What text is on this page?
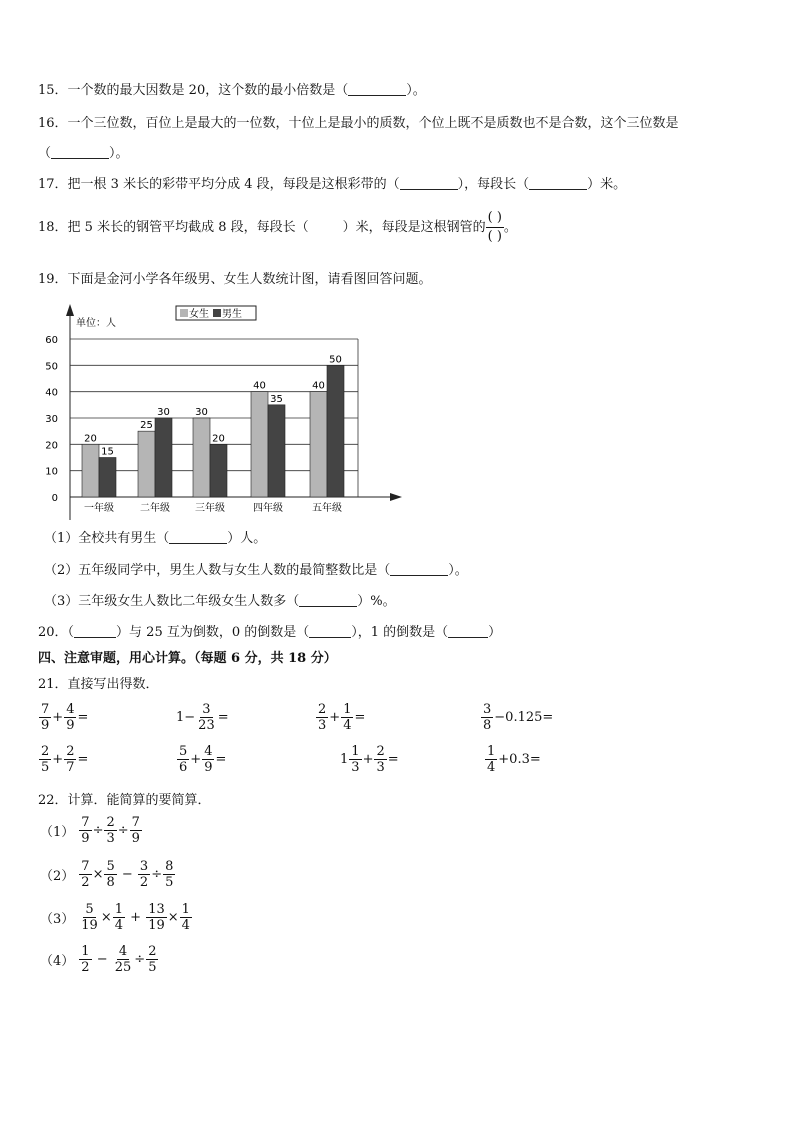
15．一个数的最大因数是 20，这个数的最小倍数是（	）。
16．一个三位数，百位上是最大的一位数，十位上是最小的质数，个位上既不是质数也不是合数，这个三位数是
（	）。
17．把一根 3 米长的彩带平均分成 4 段，每段是这根彩带的（	），每段长（	）米。
18．把 5 米长的钢管平均截成 8 段，每段长（	）米，每段是这根钢管的
( )
( )
。
19．下面是金河小学各年级男、女生人数统计图，请看图回答问题。
单位：人
女生 男生
0
10
20
30
40
50
60
20
15
一年级
25
30
二年级
30
20
三年级
40
35
四年级
40
50
五年级
（1）全校共有男生（	）人。
（2）五年级同学中，男生人数与女生人数的最简整数比是（	）。
（3）三年级女生人数比二年级女生人数多（	）%。
20．（	）与 25 互为倒数，0 的倒数是（	），1 的倒数是（	）
四、注意审题，用心计算。（每题 6 分，共 18 分）
21．直接写出得数．
$\frac{7}{9} + \frac{4}{9}$ =	$1- \frac{3}{23}$ =	$\frac{2}{3} + \frac{1}{4}$ =	$\frac{3}{8} -0.125=$
$\frac{2}{5} + \frac{2}{7}$ =	$\frac{5}{6} + \frac{4}{9}$ =	$1 \frac{1}{3} + \frac{2}{3}$ =	$\frac{1}{4} +0.3=$
22．计算．能简算的要简算．
$(1) \frac{7}{9} \div \frac{2}{3} \div \frac{7}{9}$
$(2) \frac{7}{2} \times \frac{5}{8} - \frac{3}{2} \div \frac{8}{5}$
$(3) \frac{5}{19} \times \frac{1}{4} + \frac{13}{19} \times \frac{1}{4}$
$(4) \frac{1}{2} - \frac{4}{25} \div \frac{2}{5}$
